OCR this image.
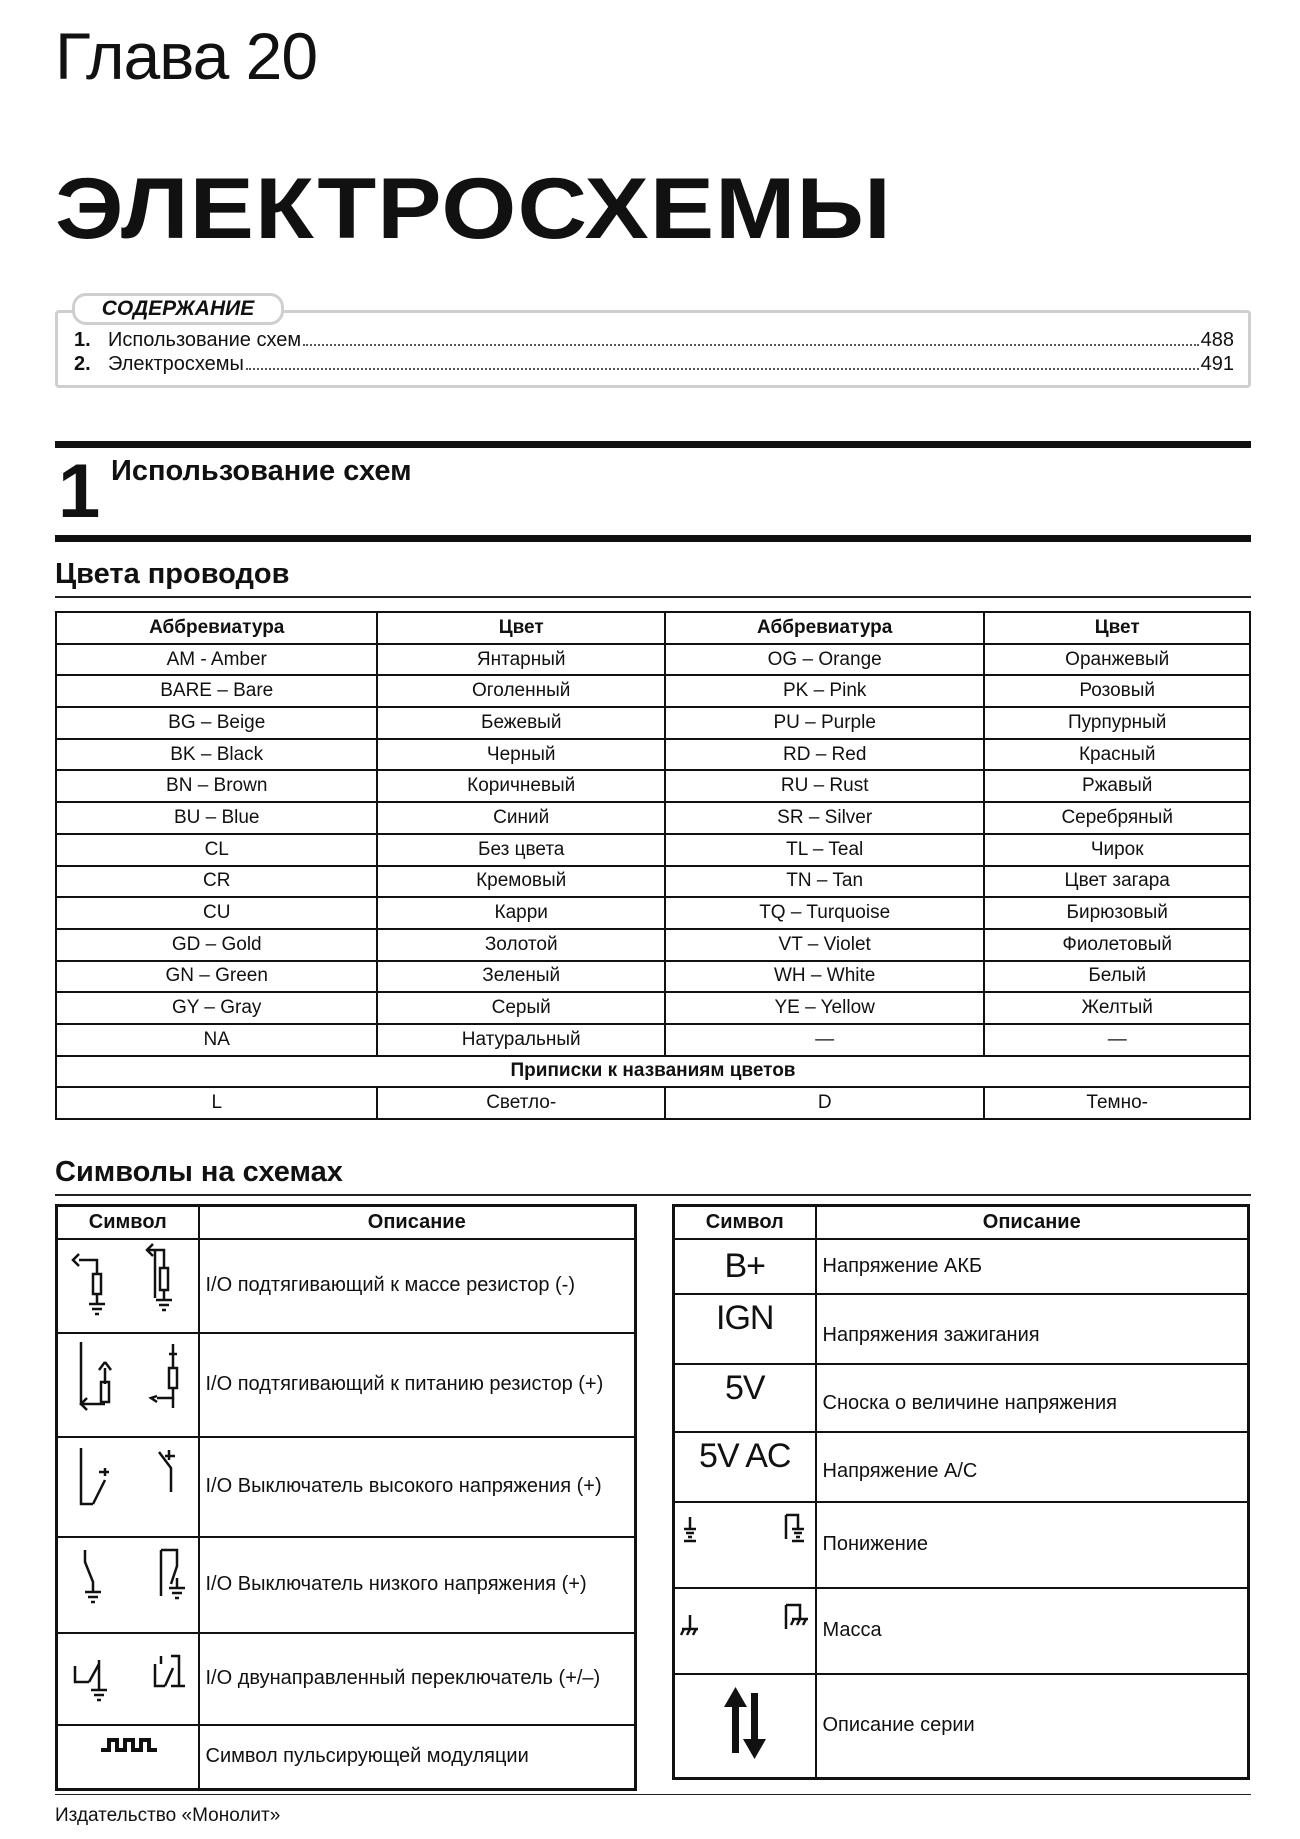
Глава 20
ЭЛЕКТРОСХЕМЫ
1. Использование схем	488
2. Электросхемы	491
СОДЕРЖАНИЕ
1 Использование схем
Цвета проводов
Аббревиатура	Цвет	Аббревиатура	Цвет
AM - Amber	Янтарный	OG – Orange	Оранжевый
BARE – Bare	Оголенный	PK – Pink	Розовый
BG – Beige	Бежевый	PU – Purple	Пурпурный
BK – Black	Черный	RD – Red	Красный
BN – Brown	Коричневый	RU – Rust	Ржавый
BU – Blue	Синий	SR – Silver	Серебряный
CL	Без цвета	TL – Teal	Чирок
CR	Кремовый	TN – Tan	Цвет загара
CU	Карри	TQ – Turquoise	Бирюзовый
GD – Gold	Золотой	VT – Violet	Фиолетовый
GN – Green	Зеленый	WH – White	Белый
GY – Gray	Серый	YE – Yellow	Желтый
NA	Натуральный	—	—
Приписки к названиям цветов			
L	Светло-	D	Темно-
Символы на схемах
Символ	Описание
	I/O подтягивающий к массе резистор (-)
	I/O подтягивающий к питанию резистор (+)
	I/O Выключатель высокого напряжения (+)
	I/O Выключатель низкого напряжения (+)
	I/O двунаправленный переключатель (+/–)
	Символ пульсирующей модуляции
Символ	Описание
B+	Напряжение АКБ
IGN	Напряжения зажигания
5V	Сноска о величине напряжения
5V AC	Напряжение А/С
	Понижение
	Масса
	Описание серии
Издательство «Монолит»
